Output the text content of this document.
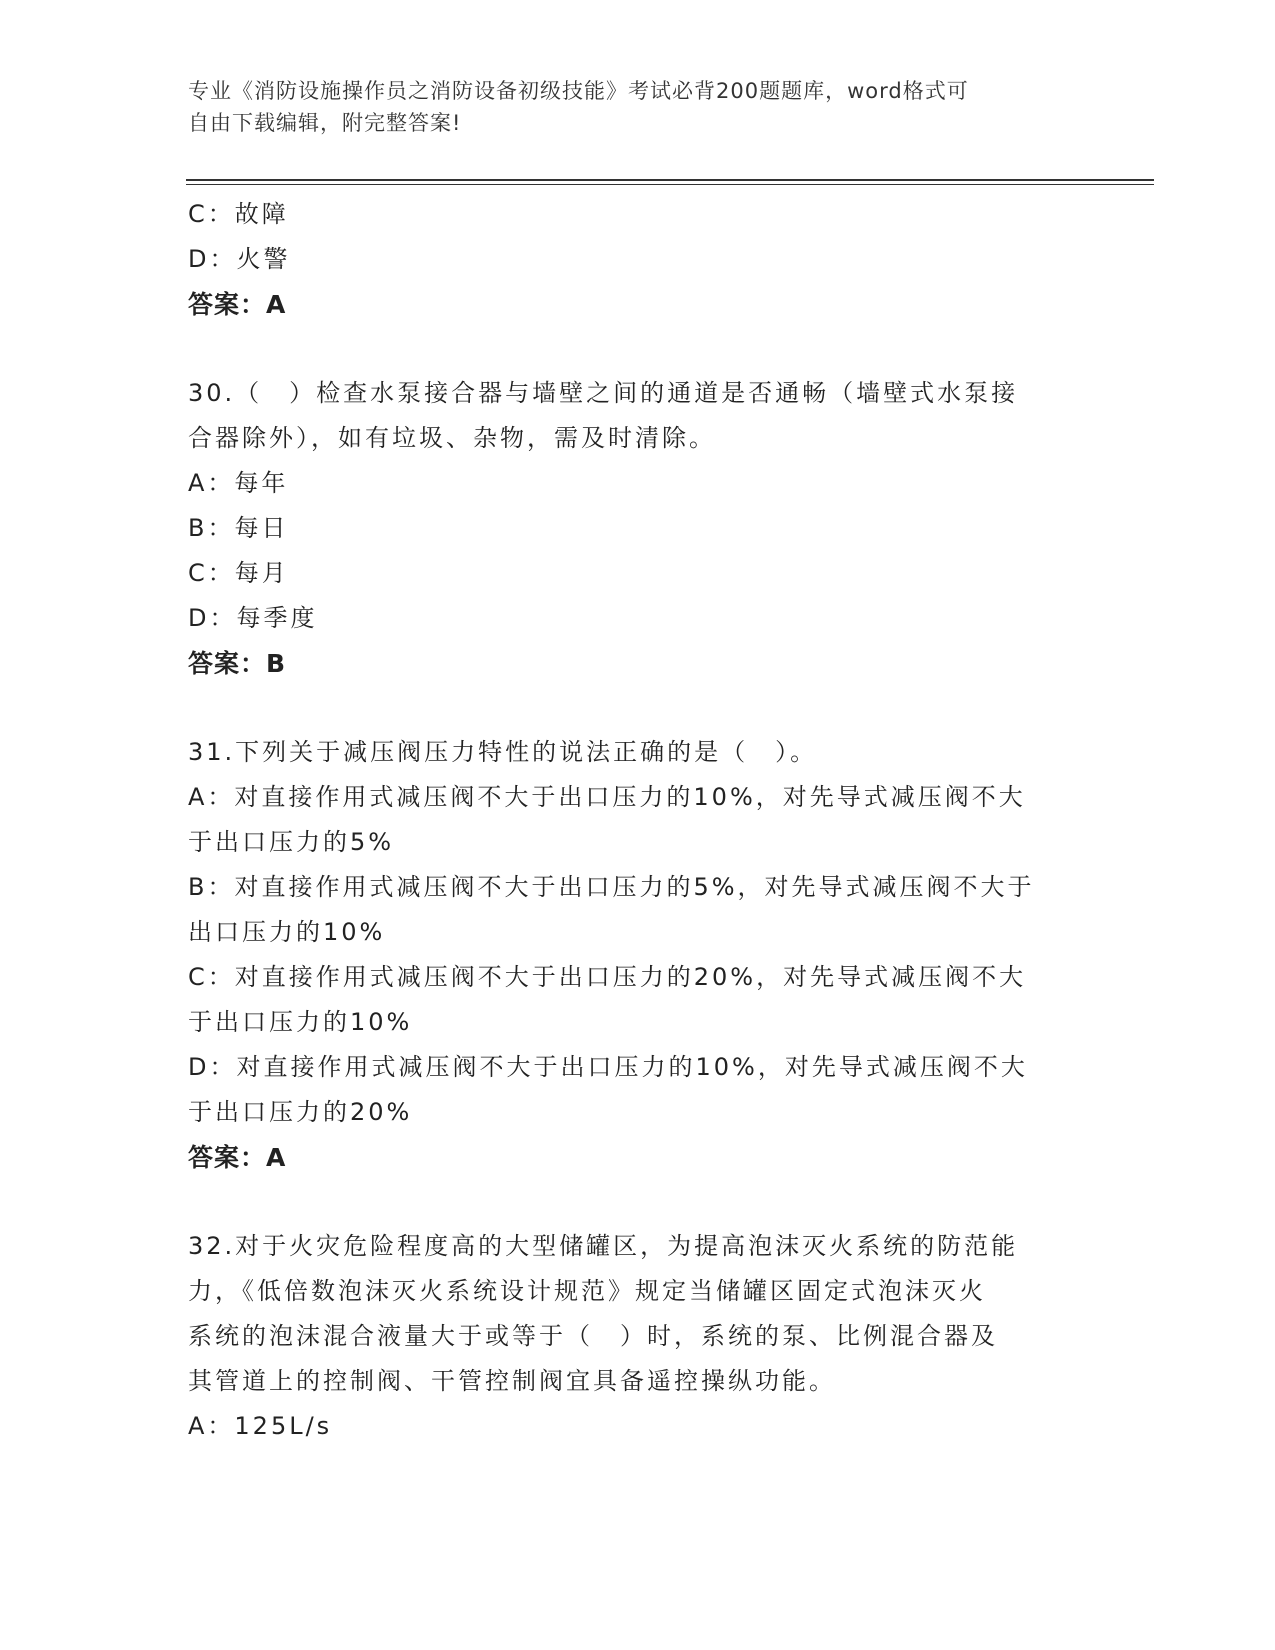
专业《消防设施操作员之消防设备初级技能》考试必背200题题库，word格式可
自由下载编辑，附完整答案!
C：故障
D：火警
答案：A
30.（　）检查水泵接合器与墙壁之间的通道是否通畅（墙壁式水泵接
合器除外），如有垃圾、杂物，需及时清除。
A：每年
B：每日
C：每月
D：每季度
答案：B
31.下列关于减压阀压力特性的说法正确的是（　）。
A：对直接作用式减压阀不大于出口压力的10%，对先导式减压阀不大
于出口压力的5%
B：对直接作用式减压阀不大于出口压力的5%，对先导式减压阀不大于
出口压力的10%
C：对直接作用式减压阀不大于出口压力的20%，对先导式减压阀不大
于出口压力的10%
D：对直接作用式减压阀不大于出口压力的10%，对先导式减压阀不大
于出口压力的20%
答案：A
32.对于火灾危险程度高的大型储罐区，为提高泡沫灭火系统的防范能
力，《低倍数泡沫灭火系统设计规范》规定当储罐区固定式泡沫灭火
系统的泡沫混合液量大于或等于（　）时，系统的泵、比例混合器及
其管道上的控制阀、干管控制阀宜具备遥控操纵功能。
A：125L/s
